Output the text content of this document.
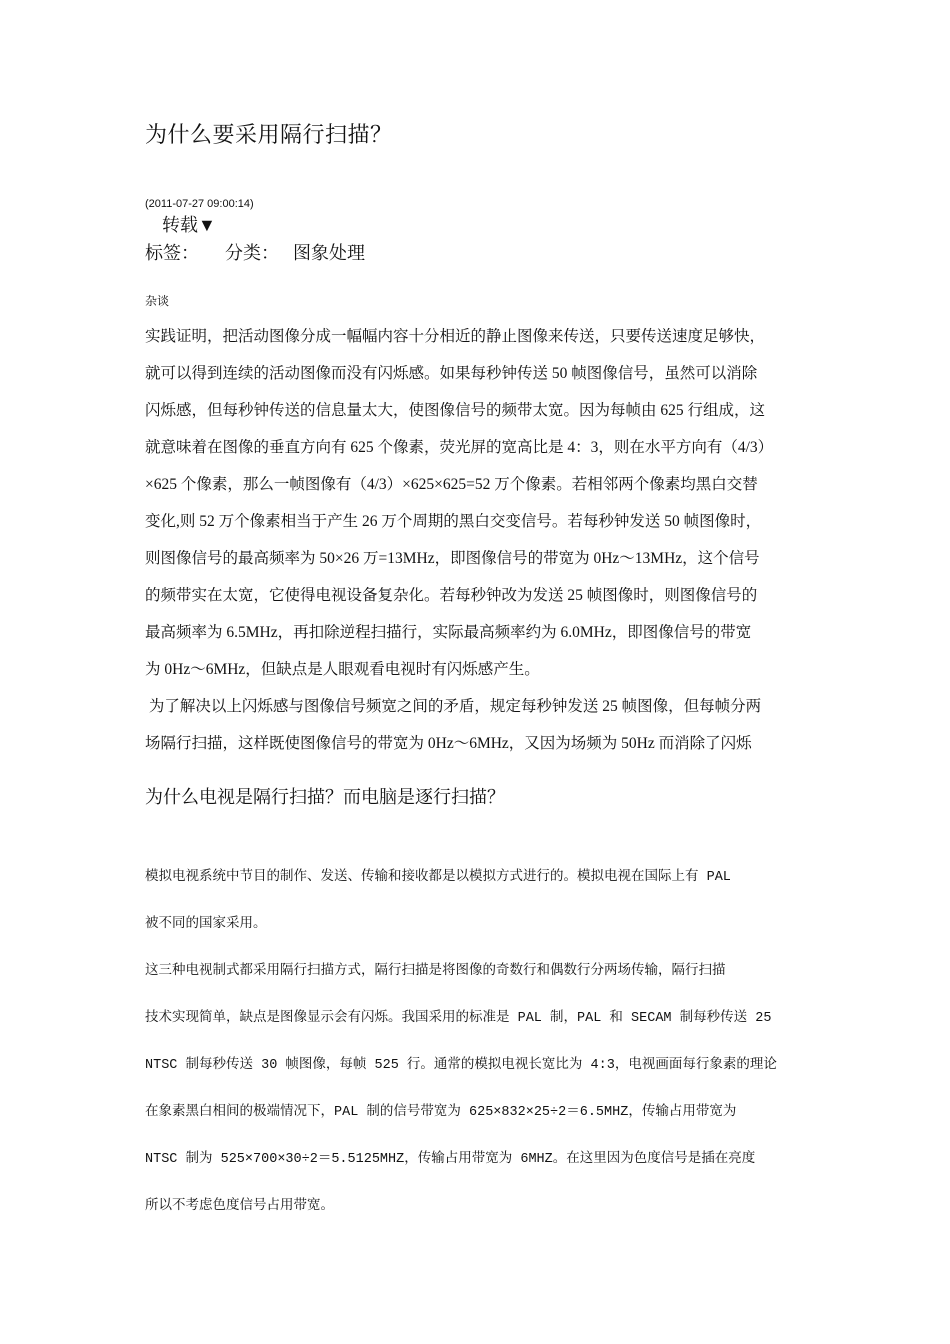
为什么要采用隔行扫描？
(2011-07-27 09:00:14)
转载▼
标签： 分类： 图象处理
杂谈
实践证明，把活动图像分成一幅幅内容十分相近的静止图像来传送，只要传送速度足够快，
就可以得到连续的活动图像而没有闪烁感。如果每秒钟传送 50 帧图像信号，虽然可以消除
闪烁感，但每秒钟传送的信息量太大，使图像信号的频带太宽。因为每帧由 625 行组成，这
就意味着在图像的垂直方向有 625 个像素，荧光屏的宽高比是 4：3，则在水平方向有（4/3）
×625 个像素，那么一帧图像有（4/3）×625×625=52 万个像素。若相邻两个像素均黑白交替
变化,则 52 万个像素相当于产生 26 万个周期的黑白交变信号。若每秒钟发送 50 帧图像时，
则图像信号的最高频率为 50×26 万=13MHz，即图像信号的带宽为 0Hz～13MHz，这个信号
的频带实在太宽，它使得电视设备复杂化。若每秒钟改为发送 25 帧图像时，则图像信号的
最高频率为 6.5MHz，再扣除逆程扫描行，实际最高频率约为 6.0MHz，即图像信号的带宽
为 0Hz～6MHz，但缺点是人眼观看电视时有闪烁感产生。
为了解决以上闪烁感与图像信号频宽之间的矛盾，规定每秒钟发送 25 帧图像，但每帧分两
场隔行扫描，这样既使图像信号的带宽为 0Hz～6MHz，又因为场频为 50Hz 而消除了闪烁
为什么电视是隔行扫描？而电脑是逐行扫描？
模拟电视系统中节目的制作、发送、传输和接收都是以模拟方式进行的。模拟电视在国际上有 PAL
被不同的国家采用。
这三种电视制式都采用隔行扫描方式，隔行扫描是将图像的奇数行和偶数行分两场传输，隔行扫描
技术实现简单，缺点是图像显示会有闪烁。我国采用的标准是 PAL 制，PAL 和 SECAM 制每秒传送 25
NTSC 制每秒传送 30 帧图像，每帧 525 行。通常的模拟电视长宽比为 4:3，电视画面每行象素的理论
在象素黑白相间的极端情况下，PAL 制的信号带宽为 625×832×25÷2＝6.5MHZ，传输占用带宽为
NTSC 制为 525×700×30÷2＝5.5125MHZ，传输占用带宽为 6MHZ。在这里因为色度信号是插在亮度
所以不考虑色度信号占用带宽。
